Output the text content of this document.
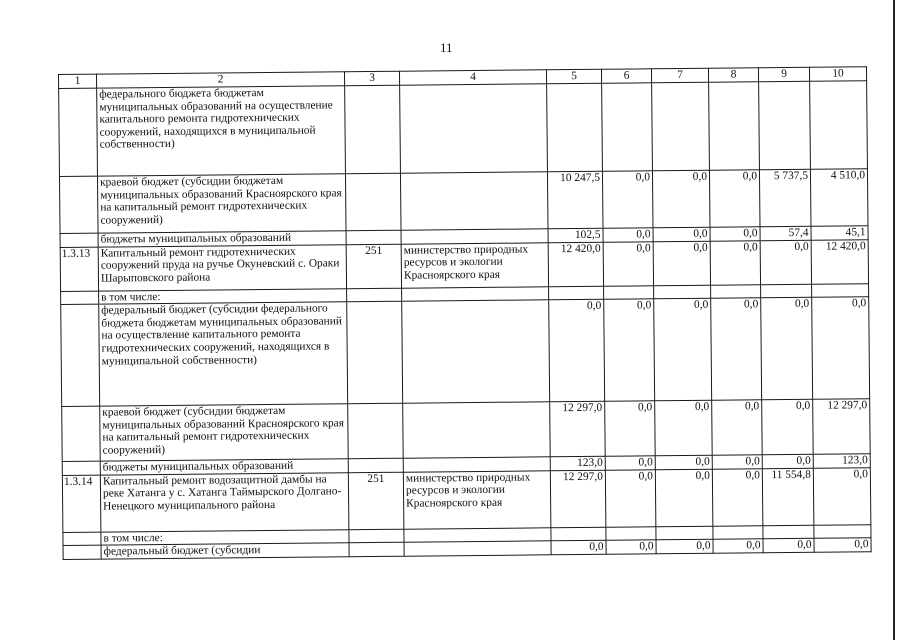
11
1	2	3	4	5	6	7	8	9	10
	федерального бюджета бюджетам муниципальных образований на осуществление капитального ремонта гидротехнических сооружений, находящихся в муниципальной собственности)								
	краевой бюджет (субсидии бюджетам муниципальных образований Красноярского края на капитальный ремонт гидротехнических сооружений)			10 247,5	0,0	0,0	0,0	5 737,5	4 510,0
	бюджеты муниципальных образований			102,5	0,0	0,0	0,0	57,4	45,1
1.3.13	Капитальный ремонт гидротехнических сооружений пруда на ручье Окуневский с. Ораки Шарыповского района	251	министерство природных ресурсов и экологии Красноярского края	12 420,0	0,0	0,0	0,0	0,0	12 420,0
	в том числе:								
	федеральный бюджет (субсидии федерального бюджета бюджетам муниципальных образований на осуществление капитального ремонта гидротехнических сооружений, находящихся в муниципальной собственности)			0,0	0,0	0,0	0,0	0,0	0,0
	краевой бюджет (субсидии бюджетам муниципальных образований Красноярского края на капитальный ремонт гидротехнических сооружений)			12 297,0	0,0	0,0	0,0	0,0	12 297,0
	бюджеты муниципальных образований			123,0	0,0	0,0	0,0	0,0	123,0
1.3.14	Капитальный ремонт водозащитной дамбы на реке Хатанга у с. Хатанга Таймырского Долгано-Ненецкого муниципального района	251	министерство природных ресурсов и экологии Красноярского края	12 297,0	0,0	0,0	0,0	11 554,8	0,0
	в том числе:								
	федеральный бюджет (субсидии			0,0	0,0	0,0	0,0	0,0	0,0
